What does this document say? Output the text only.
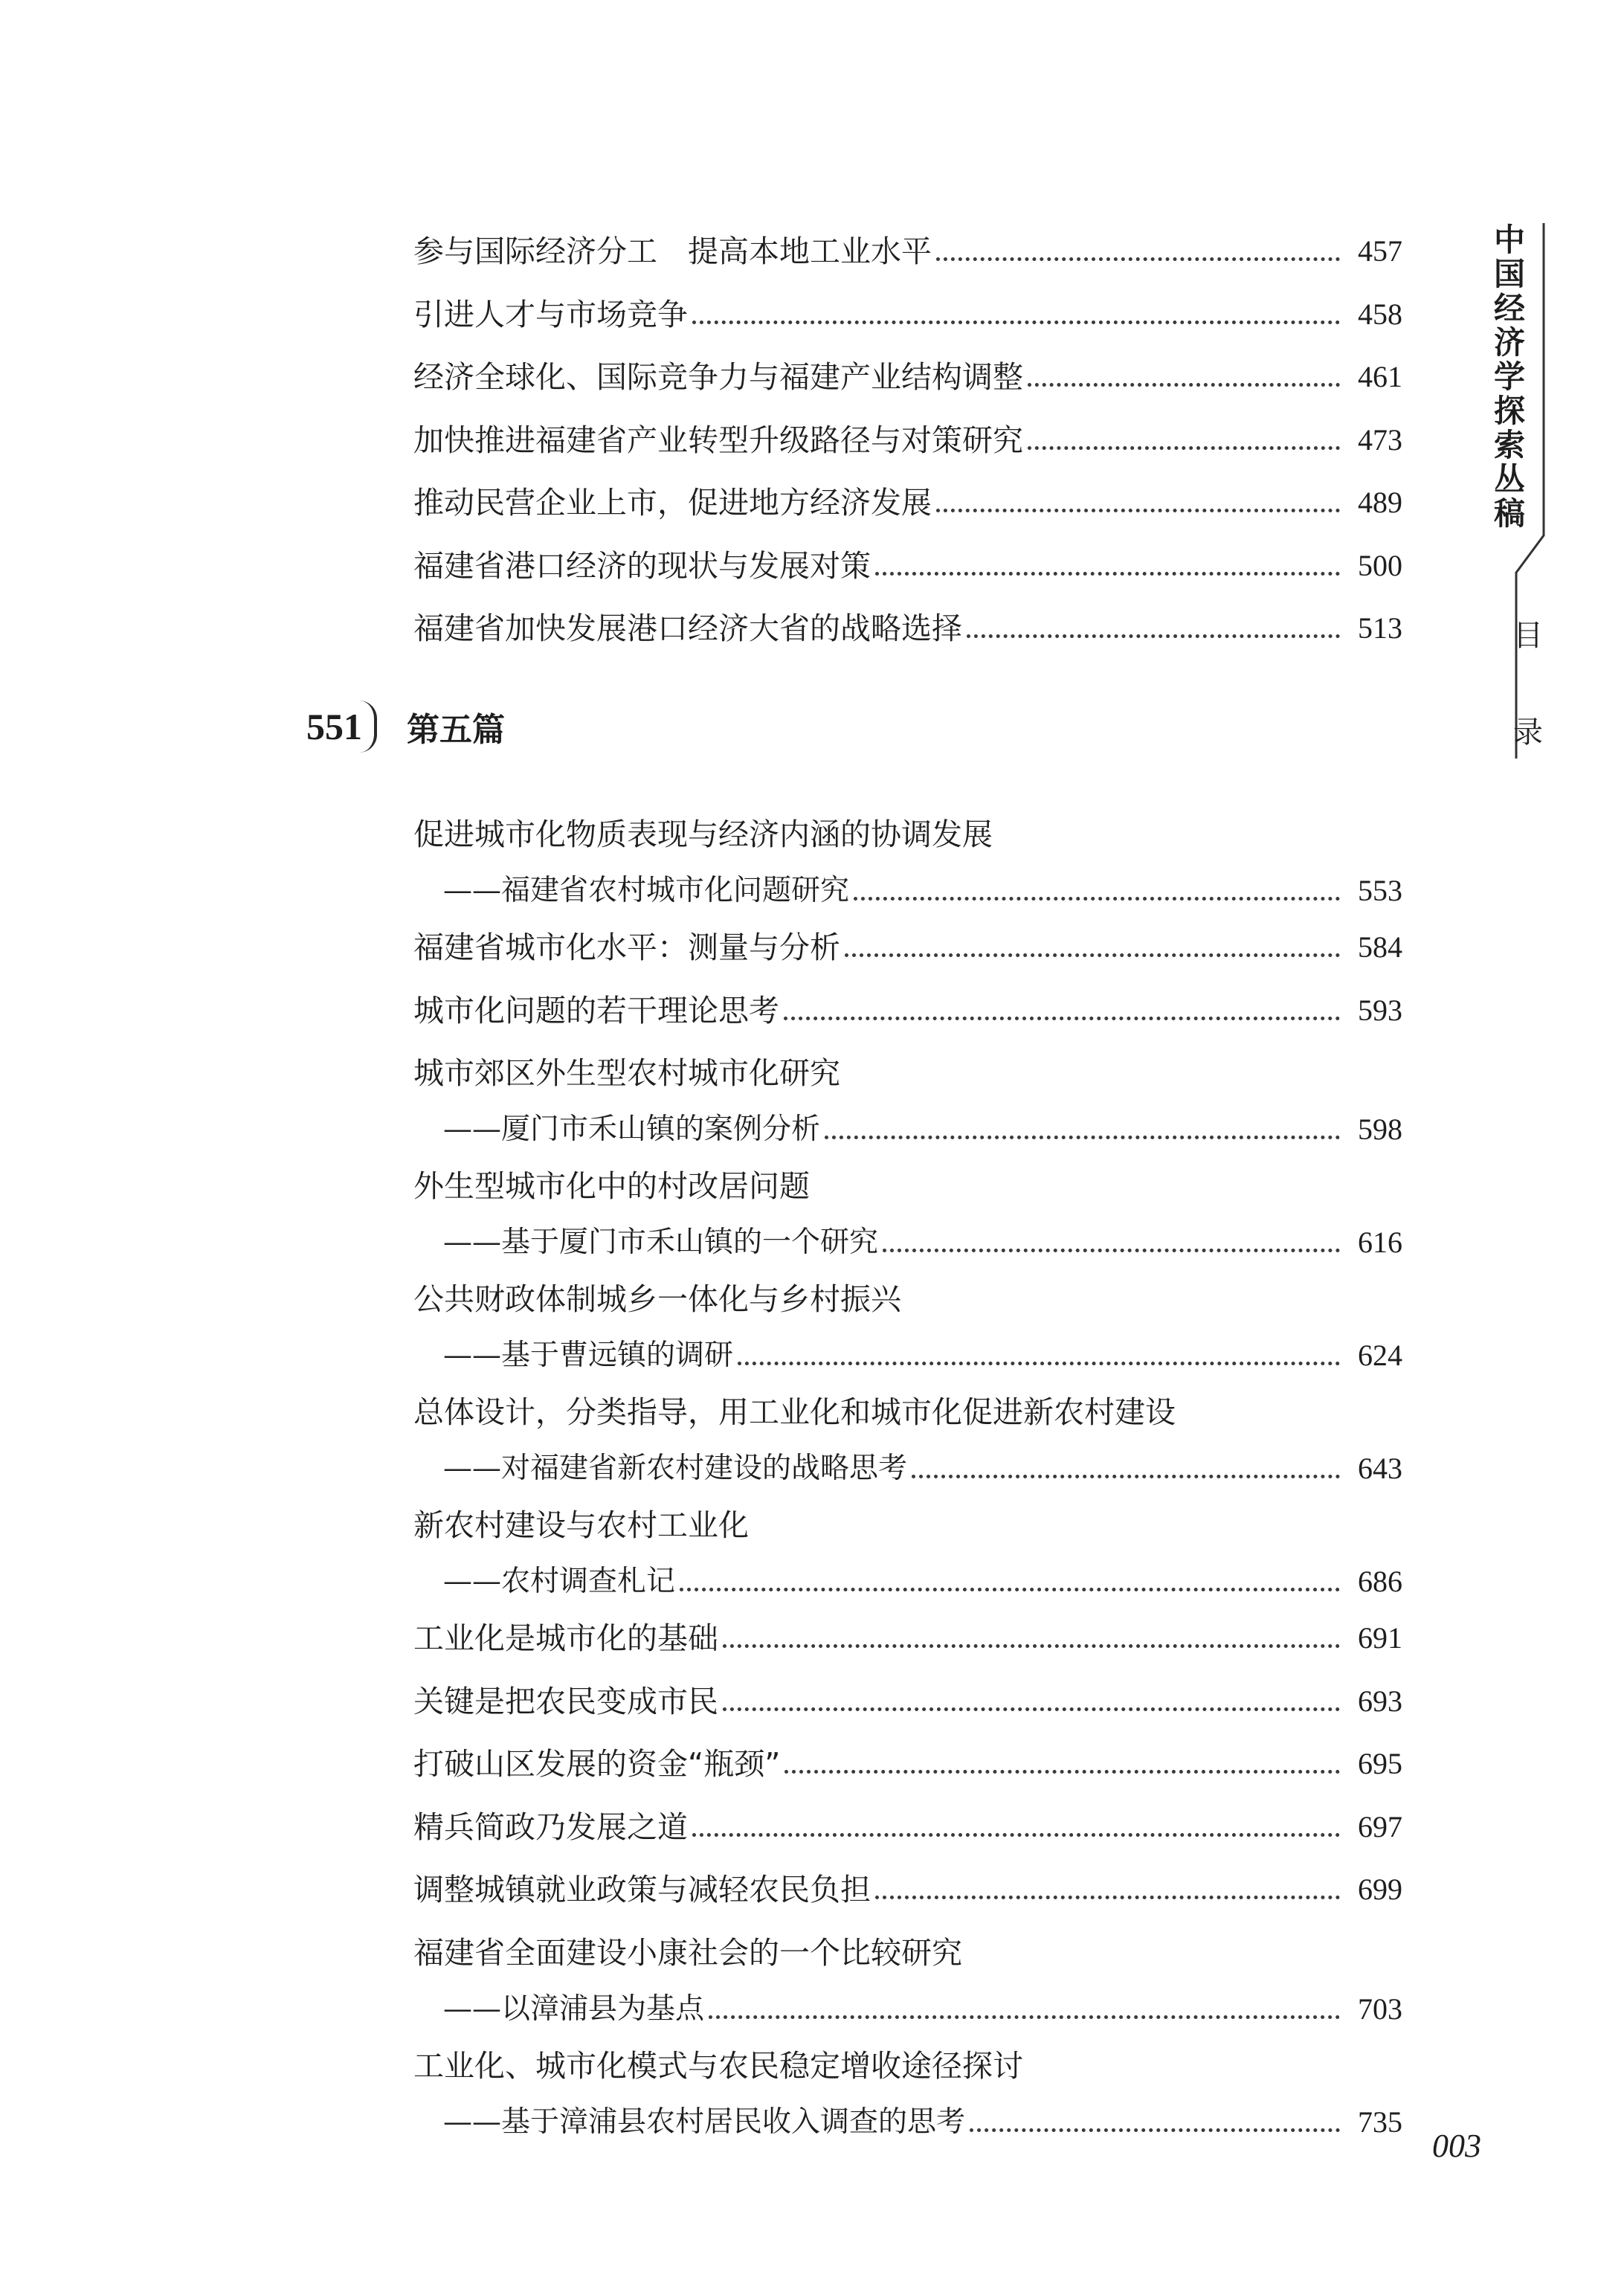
中国经济学探索丛稿
目录
参与国际经济分工　提高本地工业水平	457
引进人才与市场竞争	458
经济全球化、国际竞争力与福建产业结构调整	461
加快推进福建省产业转型升级路径与对策研究	473
推动民营企业上市，促进地方经济发展	489
福建省港口经济的现状与发展对策	500
福建省加快发展港口经济大省的战略选择	513
551	第五篇
促进城市化物质表现与经济内涵的协调发展
——福建省农村城市化问题研究	553
福建省城市化水平：测量与分析	584
城市化问题的若干理论思考	593
城市郊区外生型农村城市化研究
——厦门市禾山镇的案例分析	598
外生型城市化中的村改居问题
——基于厦门市禾山镇的一个研究	616
公共财政体制城乡一体化与乡村振兴
——基于曹远镇的调研	624
总体设计，分类指导，用工业化和城市化促进新农村建设
——对福建省新农村建设的战略思考	643
新农村建设与农村工业化
——农村调查札记	686
工业化是城市化的基础	691
关键是把农民变成市民	693
打破山区发展的资金“瓶颈”	695
精兵简政乃发展之道	697
调整城镇就业政策与减轻农民负担	699
福建省全面建设小康社会的一个比较研究
——以漳浦县为基点	703
工业化、城市化模式与农民稳定增收途径探讨
——基于漳浦县农村居民收入调查的思考	735
003
